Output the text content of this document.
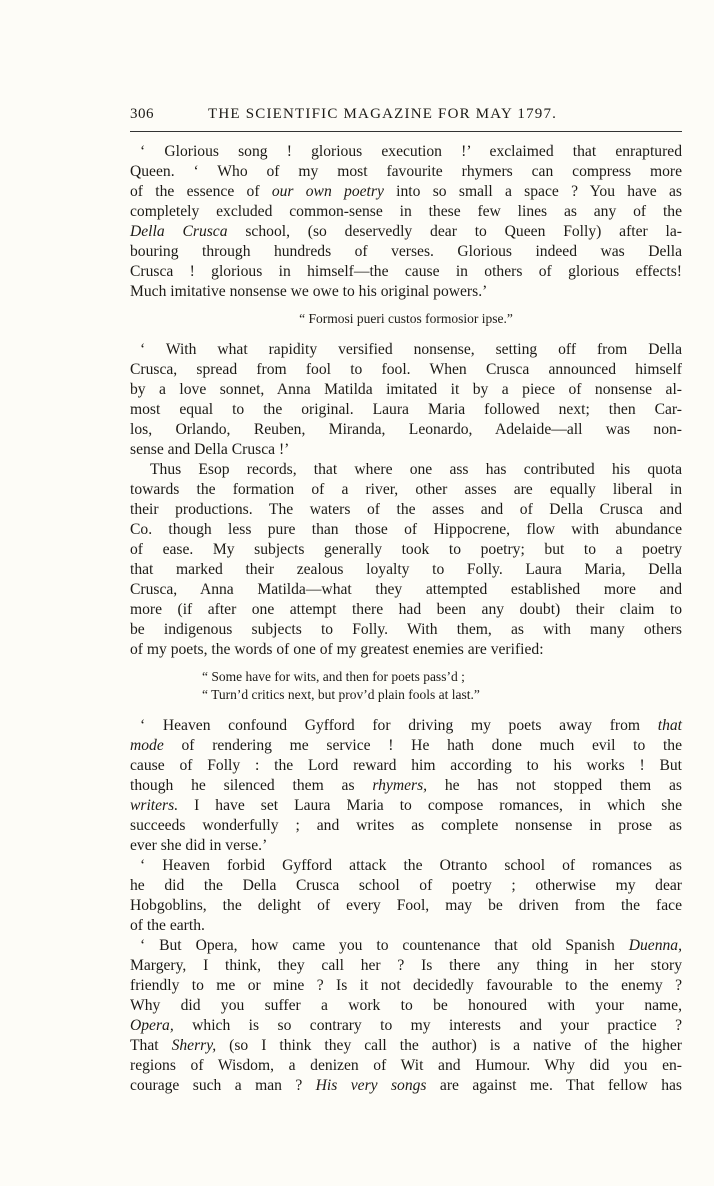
306	THE SCIENTIFIC MAGAZINE FOR MAY 1797.
‘ Glorious song ! glorious execution !’ exclaimed that enraptured
Queen. ‘ Who of my most favourite rhymers can compress more
of the essence of our own poetry into so small a space ? You have as
completely excluded common-sense in these few lines as any of the
Della Crusca school, (so deservedly dear to Queen Folly) after la-
bouring through hundreds of verses. Glorious indeed was Della
Crusca ! glorious in himself—the cause in others of glorious effects!
Much imitative nonsense we owe to his original powers.’
“ Formosi pueri custos formosior ipse.”
‘ With what rapidity versified nonsense, setting off from Della
Crusca, spread from fool to fool. When Crusca announced himself
by a love sonnet, Anna Matilda imitated it by a piece of nonsense al-
most equal to the original. Laura Maria followed next; then Car-
los, Orlando, Reuben, Miranda, Leonardo, Adelaide—all was non-
sense and Della Crusca !’
Thus Esop records, that where one ass has contributed his quota
towards the formation of a river, other asses are equally liberal in
their productions. The waters of the asses and of Della Crusca and
Co. though less pure than those of Hippocrene, flow with abundance
of ease. My subjects generally took to poetry; but to a poetry
that marked their zealous loyalty to Folly. Laura Maria, Della
Crusca, Anna Matilda—what they attempted established more and
more (if after one attempt there had been any doubt) their claim to
be indigenous subjects to Folly. With them, as with many others
of my poets, the words of one of my greatest enemies are verified:
“ Some have for wits, and then for poets pass’d ;
“ Turn’d critics next, but prov’d plain fools at last.”
‘ Heaven confound Gyfford for driving my poets away from that
mode of rendering me service ! He hath done much evil to the
cause of Folly : the Lord reward him according to his works ! But
though he silenced them as rhymers, he has not stopped them as
writers. I have set Laura Maria to compose romances, in which she
succeeds wonderfully ; and writes as complete nonsense in prose as
ever she did in verse.’
‘ Heaven forbid Gyfford attack the Otranto school of romances as
he did the Della Crusca school of poetry ; otherwise my dear
Hobgoblins, the delight of every Fool, may be driven from the face
of the earth.
‘ But Opera, how came you to countenance that old Spanish Duenna,
Margery, I think, they call her ? Is there any thing in her story
friendly to me or mine ? Is it not decidedly favourable to the enemy ?
Why did you suffer a work to be honoured with your name,
Opera, which is so contrary to my interests and your practice ?
That Sherry, (so I think they call the author) is a native of the higher
regions of Wisdom, a denizen of Wit and Humour. Why did you en-
courage such a man ? His very songs are against me. That fellow has
